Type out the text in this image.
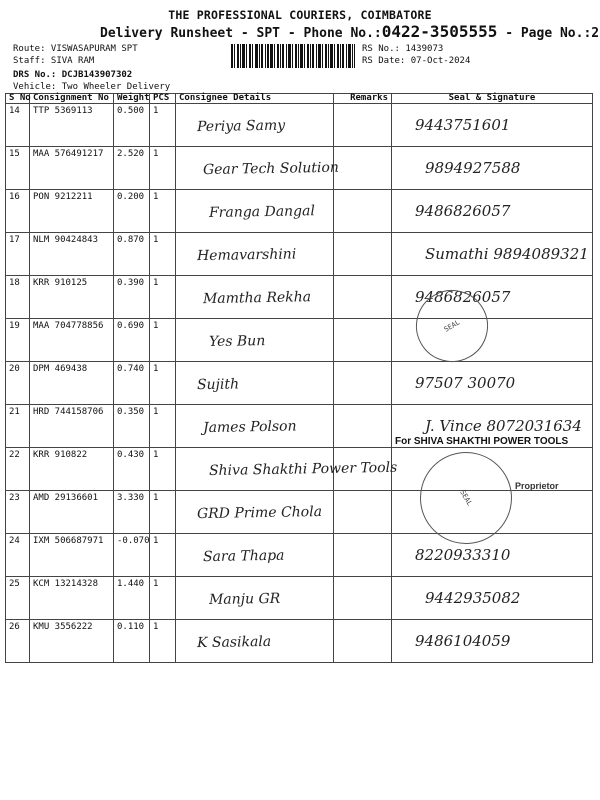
THE PROFESSIONAL COURIERS, COIMBATORE
Delivery Runsheet - SPT - Phone No.:0422-3505555 - Page No.:2
Route: VISWASAPURAM SPT
Staff: SIVA RAM
DRS No.: DCJB143907302
Vehicle: Two Wheeler Delivery
RS No.: 1439073
RS Date: 07-Oct-2024
S No	Consignment No	Weight	PCS	Consignee Details	Remarks	Seal & Signature
14	TTP 5369113	0.500	1	Periya Samy		9443751601

15	MAA 576491217	2.520	1	Gear Tech Solution		9894927588

16	PON 9212211	0.200	1	Franga Dangal		9486826057

17	NLM 90424843	0.870	1	Hemavarshini		Sumathi 9894089321

18	KRR 910125	0.390	1	Mamtha Rekha		9486826057

19	MAA 704778856	0.690	1	Yes Bun		

20	DPM 469438	0.740	1	Sujith		97507 30070

21	HRD 744158706	0.350	1	James Polson		J. Vince 8072031634

22	KRR 910822	0.430	1	Shiva Shakthi Power Tools		

23	AMD 29136601	3.330	1	GRD Prime Chola		

24	IXM 506687971	-0.070	1	Sara Thapa		8220933310

25	KCM 13214328	1.440	1	Manju GR		9442935082

26	KMU 3556222	0.110	1	K Sasikala		9486104059
SEAL
For SHIVA SHAKTHI POWER TOOLS
Proprietor
SEAL
